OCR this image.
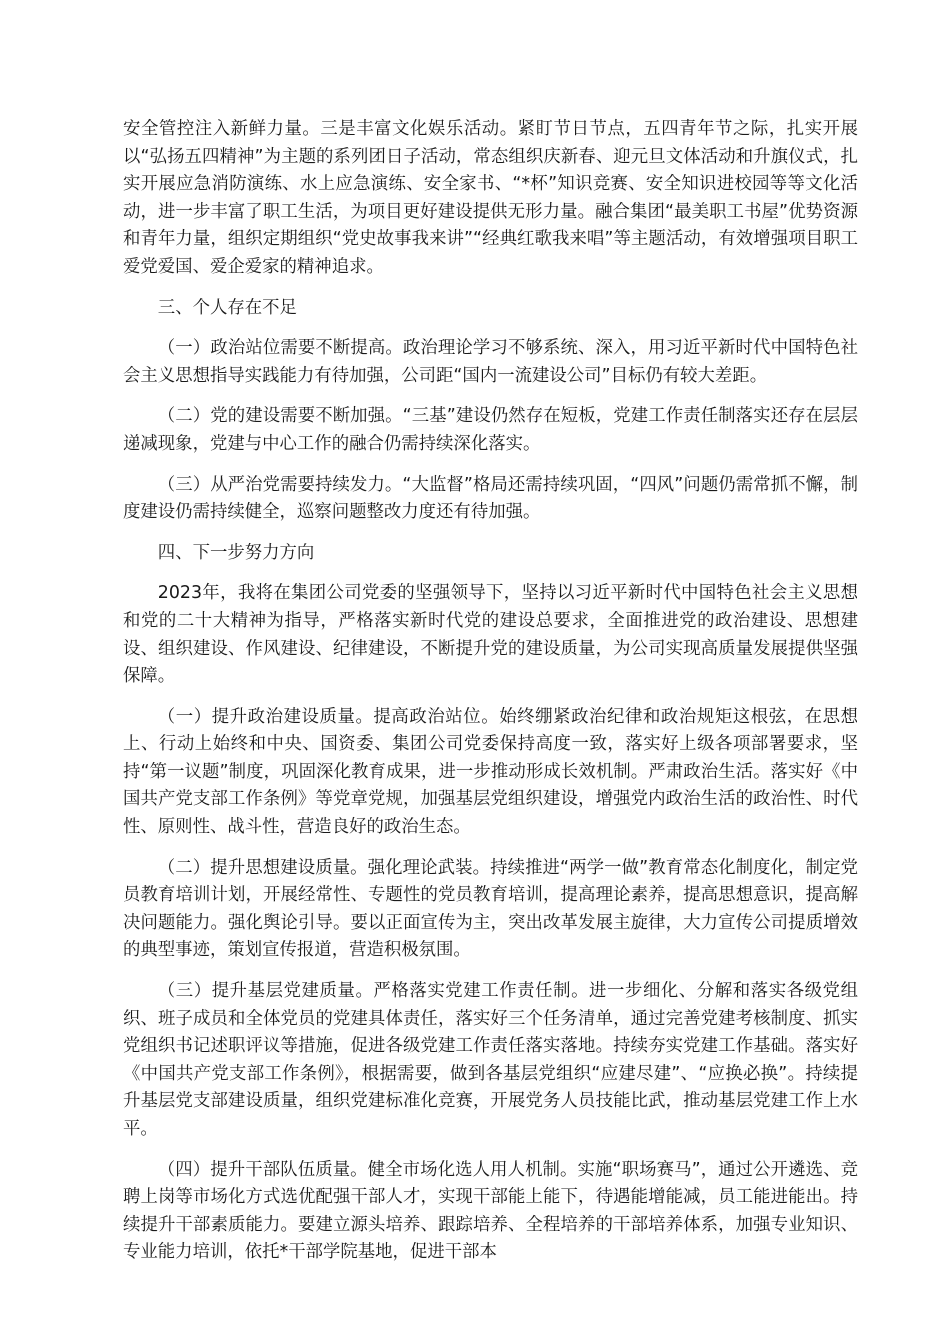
安全管控注入新鲜力量。三是丰富文化娱乐活动。紧盯节日节点，五四青年节之际，扎实开展以“弘扬五四精神”为主题的系列团日子活动，常态组织庆新春、迎元旦文体活动和升旗仪式，扎实开展应急消防演练、水上应急演练、安全家书、“*杯”知识竞赛、安全知识进校园等等文化活动，进一步丰富了职工生活，为项目更好建设提供无形力量。融合集团“最美职工书屋”优势资源和青年力量，组织定期组织“党史故事我来讲”“经典红歌我来唱”等主题活动，有效增强项目职工爱党爱国、爱企爱家的精神追求。

三、个人存在不足

（一）政治站位需要不断提高。政治理论学习不够系统、深入，用习近平新时代中国特色社会主义思想指导实践能力有待加强，公司距“国内一流建设公司”目标仍有较大差距。

（二）党的建设需要不断加强。“三基”建设仍然存在短板，党建工作责任制落实还存在层层递减现象，党建与中心工作的融合仍需持续深化落实。

（三）从严治党需要持续发力。“大监督”格局还需持续巩固，“四风”问题仍需常抓不懈，制度建设仍需持续健全，巡察问题整改力度还有待加强。

四、下一步努力方向

2023年，我将在集团公司党委的坚强领导下，坚持以习近平新时代中国特色社会主义思想和党的二十大精神为指导，严格落实新时代党的建设总要求，全面推进党的政治建设、思想建设、组织建设、作风建设、纪律建设，不断提升党的建设质量，为公司实现高质量发展提供坚强保障。

（一）提升政治建设质量。提高政治站位。始终绷紧政治纪律和政治规矩这根弦，在思想上、行动上始终和中央、国资委、集团公司党委保持高度一致，落实好上级各项部署要求，坚持“第一议题”制度，巩固深化教育成果，进一步推动形成长效机制。严肃政治生活。落实好《中国共产党支部工作条例》等党章党规，加强基层党组织建设，增强党内政治生活的政治性、时代性、原则性、战斗性，营造良好的政治生态。

（二）提升思想建设质量。强化理论武装。持续推进“两学一做”教育常态化制度化，制定党员教育培训计划，开展经常性、专题性的党员教育培训，提高理论素养，提高思想意识，提高解决问题能力。强化舆论引导。要以正面宣传为主，突出改革发展主旋律，大力宣传公司提质增效的典型事迹，策划宣传报道，营造积极氛围。

（三）提升基层党建质量。严格落实党建工作责任制。进一步细化、分解和落实各级党组织、班子成员和全体党员的党建具体责任，落实好三个任务清单，通过完善党建考核制度、抓实党组织书记述职评议等措施，促进各级党建工作责任落实落地。持续夯实党建工作基础。落实好《中国共产党支部工作条例》，根据需要，做到各基层党组织“应建尽建”、“应换必换”。持续提升基层党支部建设质量，组织党建标准化竞赛，开展党务人员技能比武，推动基层党建工作上水平。

（四）提升干部队伍质量。健全市场化选人用人机制。实施“职场赛马”，通过公开遴选、竞聘上岗等市场化方式选优配强干部人才，实现干部能上能下，待遇能增能减，员工能进能出。持续提升干部素质能力。要建立源头培养、跟踪培养、全程培养的干部培养体系，加强专业知识、专业能力培训，依托*干部学院基地，促进干部本
